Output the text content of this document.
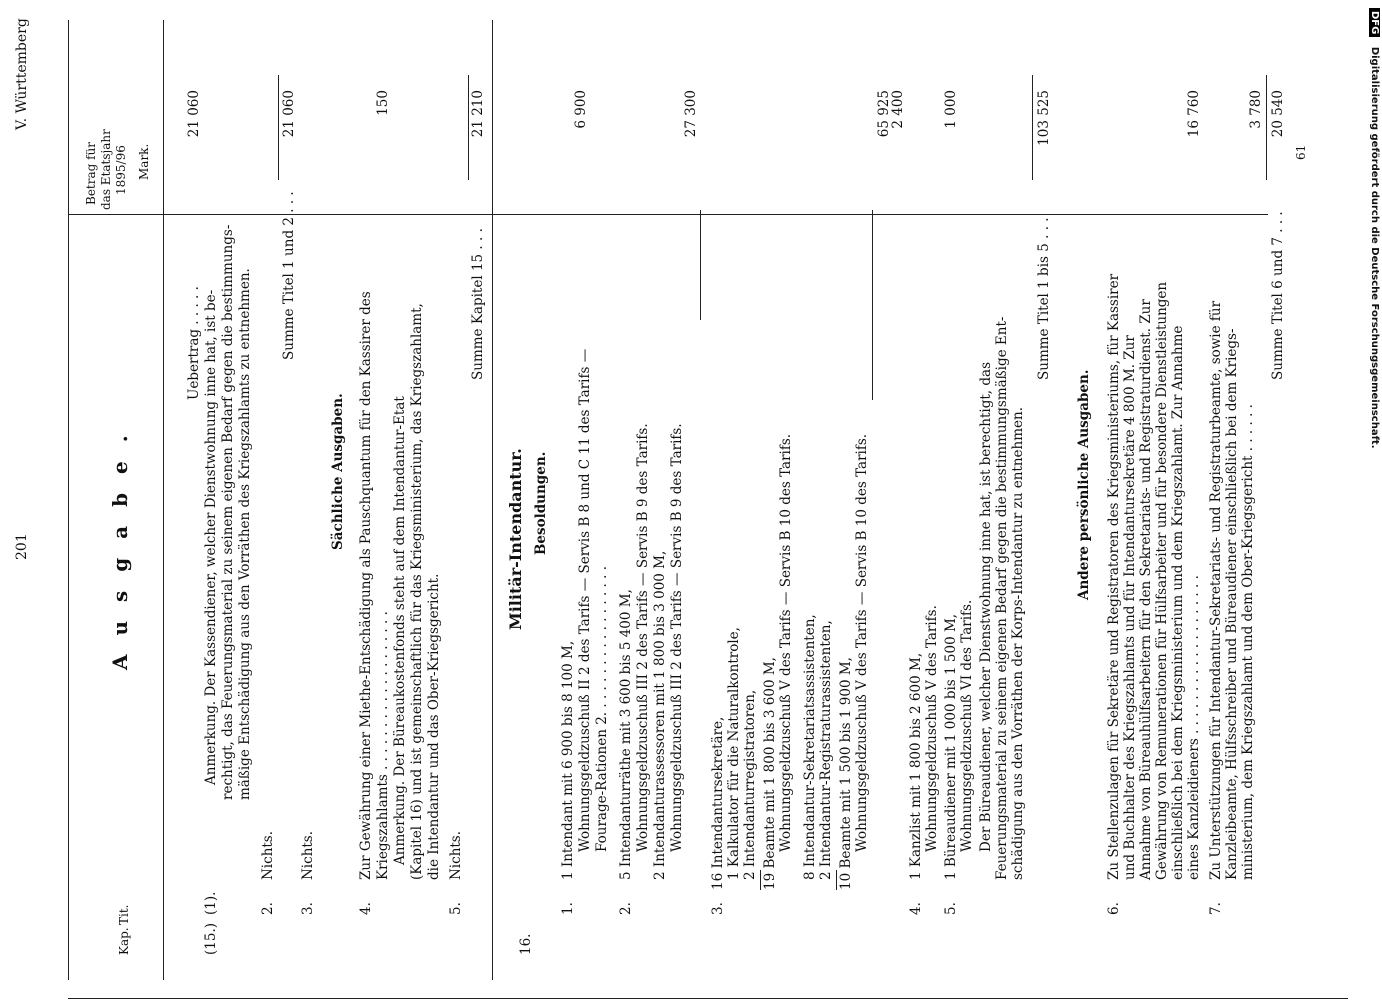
201
V. Württemberg
Kap.
Tit.
A u s g a b e .
Betrag für das Etatsjahr 1895/96 Mark.
Uebertrag . . . . .
21 060
(15.)
(1).
Anmerkung. Der Kassendiener, welcher Dienstwohnung inne hat, ist be- rechtigt, das Feuerungsmaterial zu seinem eigenen Bedarf gegen die bestimmungs- mäßige Entschädigung aus den Vorräthen des Kriegszahlamts zu entnehmen.
2.
Nichts.
3.
Nichts.
Summe Titel 1 und 2 . . .
21 060
Sächliche Ausgaben.
4.
Zur Gewährung einer Miethe-Entschädigung als Pauschquantum für den Kassirer des Kriegszahlamts . . . . . . . . . . . . . . . . . . .
150
Anmerkung. Der Büreaukostenfonds steht auf dem Intendantur-Etat (Kapitel 16) und ist gemeinschaftlich für das Kriegsministerium, das Kriegszahlamt, die Intendantur und das Ober-Kriegsgericht.
5.
Nichts.
Summe Kapitel 15 . . .
21 210
16.
Militär-Intendantur. Besoldungen.
1.
1 Intendant mit 6 900 bis 8 100 M, Wohnungsgeldzuschuß II 2 des Tarifs — Servis B 8 und C 11 des Tarifs — Fourage-Rationen 2. . . . . . . . . . . . . . . . . .
6 900
2.
5 Intendanturräthe mit 3 600 bis 5 400 M, Wohnungsgeldzuschuß III 2 des Tarifs — Servis B 9 des Tarifs. 2 Intendanturassessoren mit 1 800 bis 3 000 M, Wohnungsgeldzuschuß III 2 des Tarifs — Servis B 9 des Tarifs.
27 300
3.
16 Intendantursekretäre, 1 Kalkulator für die Naturalkontrole, 2 Intendanturregistratoren, 19 Beamte mit 1 800 bis 3 600 M, Wohnungsgeldzuschuß V des Tarifs — Servis B 10 des Tarifs. 8 Intendantur-Sekretariatsassistenten, 2 Intendantur-Registraturassistenten, 10 Beamte mit 1 500 bis 1 900 M, Wohnungsgeldzuschuß V des Tarifs — Servis B 10 des Tarifs.
65 925
2 400
4.
1 Kanzlist mit 1 800 bis 2 600 M, Wohnungsgeldzuschuß V des Tarifs.
5.
1 Büreaudiener mit 1 000 bis 1 500 M, Wohnungsgeldzuschuß VI des Tarifs.
1 000
Der Büreaudiener, welcher Dienstwohnung inne hat, ist berechtigt, das Feuerungsmaterial zu seinem eigenen Bedarf gegen die bestimmungsmäßige Ent- schädigung aus den Vorräthen der Korps-Intendantur zu entnehmen.
Summe Titel 1 bis 5 . . .
103 525
Andere persönliche Ausgaben.
6.
Zu Stellenzulagen für Sekretäre und Registratoren des Kriegsministeriums, für Kassirer und Buchhalter des Kriegszahlamts und für Intendantursekretäre 4 800 M. Zur Annahme von Büreauhülfsarbeitern für den Sekretariats- und Registraturdienst. Zur Gewährung von Remunerationen für Hülfsarbeiter und für besondere Dienstleistungen einschließlich bei dem Kriegsministerium und dem Kriegszahlamt. Zur Annahme eines Kanzleidieners . . . . . . . . . . . . . . . . . . .
16 760
7.
Zu Unterstützungen für Intendantur-Sekretariats- und Registraturbeamte, sowie für Kanzleibeamte, Hülfsschreiber und Büreaudiener einschließlich bei dem Kriegs- ministerium, dem Kriegszahlamt und dem Ober-Kriegsgericht . . . . . .
3 780
Summe Titel 6 und 7 . . .
20 540
61
DFG Digitalisierung gefördert durch die Deutsche Forschungsgemeinschaft.
